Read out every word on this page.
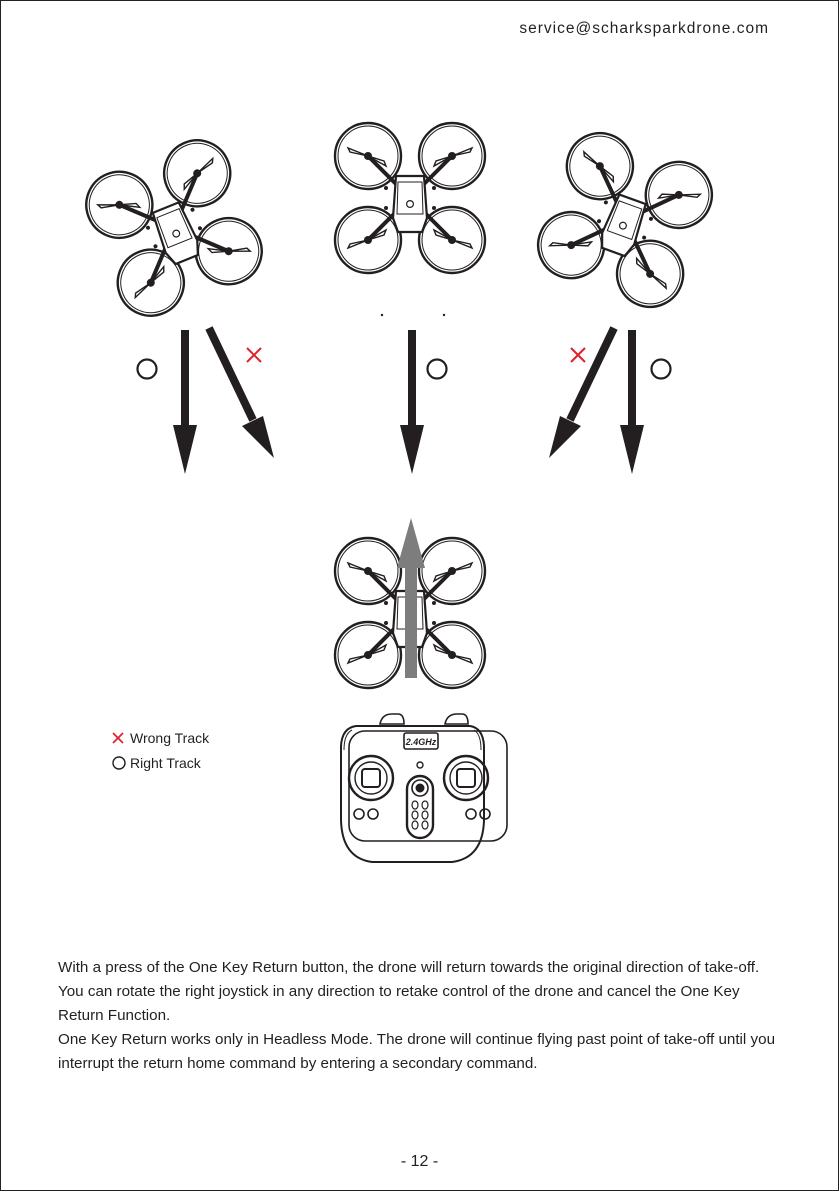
service@scharksparkdrone.com
2.4GHz
Wrong Track
Right Track

With a press of the One Key Return button, the drone will return towards the original direction of take-off.

You can rotate the right joystick in any direction to retake control of the drone and cancel the One Key Return Function.

One Key Return works only in Headless Mode. The drone will continue flying past point of take-off until you interrupt the return home command by entering a secondary command.

- 12 -
